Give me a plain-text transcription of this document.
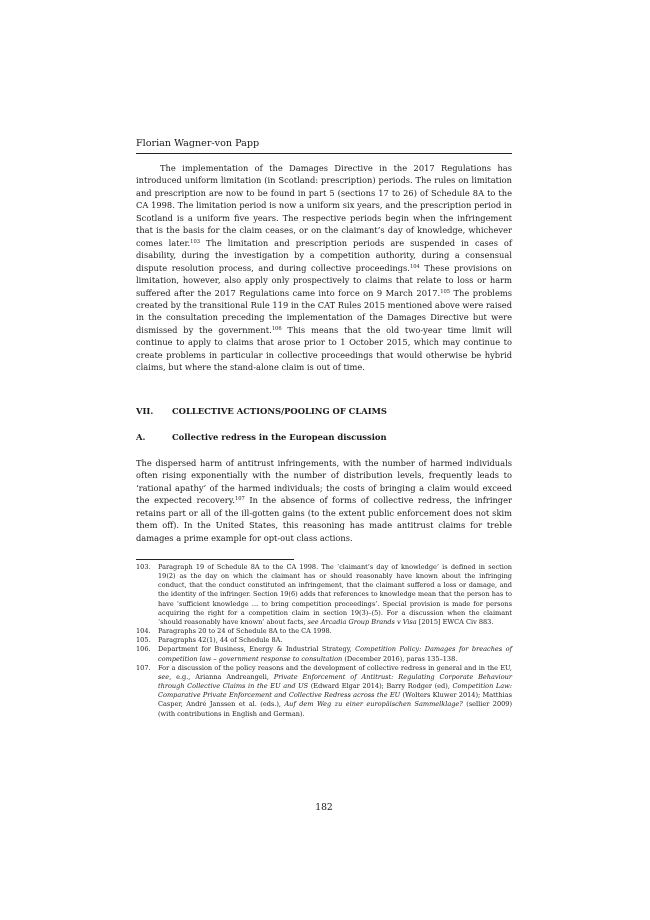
Florian Wagner-von Papp

The implementation of the Damages Directive in the 2017 Regulations has introduced uniform limitation (in Scotland: prescription) periods. The rules on limitation and prescription are now to be found in part 5 (sections 17 to 26) of Schedule 8A to the CA 1998. The limitation period is now a uniform six years, and the prescription period in Scotland is a uniform five years. The respective periods begin when the infringement that is the basis for the claim ceases, or on the claimant’s day of knowledge, whichever comes later.$^{103}$ The limitation and prescription periods are suspended in cases of disability, during the investigation by a competition authority, during a consensual dispute resolution process, and during collective proceedings.$^{104}$ These provisions on limitation, however, also apply only prospectively to claims that relate to loss or harm suffered after the 2017 Regulations came into force on 9 March 2017.$^{105}$ The problems created by the transitional Rule 119 in the CAT Rules 2015 mentioned above were raised in the consultation preceding the implementation of the Damages Directive but were dismissed by the government.$^{106}$ This means that the old two-year time limit will continue to apply to claims that arose prior to 1 October 2015, which may continue to create problems in particular in collective proceedings that would otherwise be hybrid claims, but where the stand-alone claim is out of time.

VII. COLLECTIVE ACTIONS/POOLING OF CLAIMS
A.	Collective redress in the European discussion

The dispersed harm of antitrust infringements, with the number of harmed individuals often rising exponentially with the number of distribution levels, frequently leads to ‘rational apathy’ of the harmed individuals; the costs of bringing a claim would exceed the expected recovery.$^{107}$ In the absence of forms of collective redress, the infringer retains part or all of the ill-gotten gains (to the extent public enforcement does not skim them off). In the United States, this reasoning has made antitrust claims for treble damages a prime example for opt-out class actions.

103.	Paragraph 19 of Schedule 8A to the CA 1998. The ‘claimant’s day of knowledge’ is defined in section 19(2) as the day on which the claimant has or should reasonably have known about the infringing conduct, that the conduct constituted an infringement, that the claimant suffered a loss or damage, and the identity of the infringer. Section 19(6) adds that references to knowledge mean that the person has to have ‘sufficient knowledge … to bring competition proceedings’. Special provision is made for persons acquiring the right for a competition claim in section 19(3)–(5). For a discussion when the claimant ‘should reasonably have known’ about facts, see Arcadia Group Brands v Visa [2015] EWCA Civ 883.
104.	Paragraphs 20 to 24 of Schedule 8A to the CA 1998.
105.	Paragraphs 42(1), 44 of Schedule 8A.
106.	Department for Business, Energy & Industrial Strategy, Competition Policy: Damages for breaches of competition law – government response to consultation (December 2016), paras 135–138.
107.	For a discussion of the policy reasons and the development of collective redress in general and in the EU, see, e.g., Arianna Andreangeli, Private Enforcement of Antitrust: Regulating Corporate Behaviour through Collective Claims in the EU and US (Edward Elgar 2014); Barry Rodger (ed), Competition Law: Comparative Private Enforcement and Collective Redress across the EU (Wolters Kluwer 2014); Matthias Casper, André Janssen et al. (eds.), Auf dem Weg zu einer europäischen Sammelklage? (sellier 2009) (with contributions in English and German).
182
